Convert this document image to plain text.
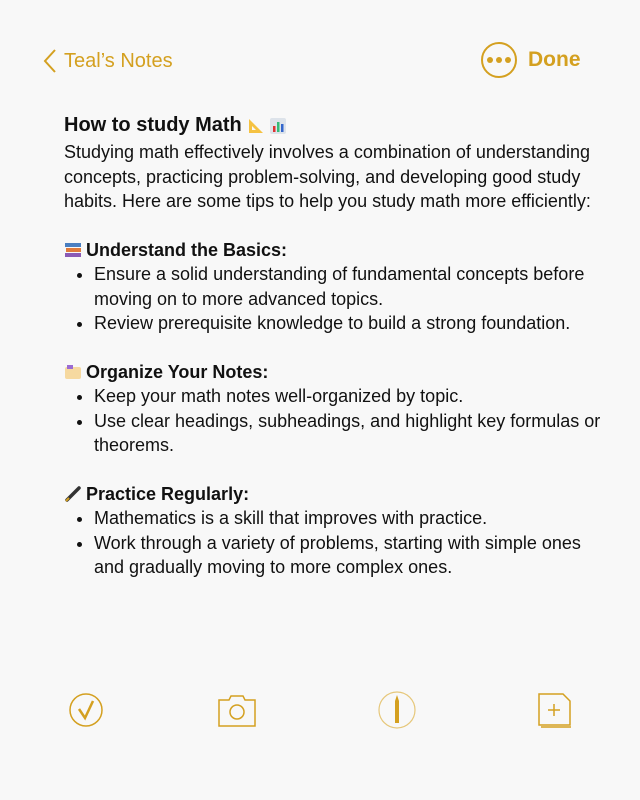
Teal’s Notes	Done
How to study Math

Studying math effectively involves a combination of understanding concepts, practicing problem-solving, and developing good study habits. Here are some tips to help you study math more efficiently:

Understand the Basics:
• Ensure a solid understanding of fundamental concepts before moving on to more advanced topics.
• Review prerequisite knowledge to build a strong foundation.
Organize Your Notes:
• Keep your math notes well-organized by topic.
• Use clear headings, subheadings, and highlight key formulas or theorems.
Practice Regularly:
• Mathematics is a skill that improves with practice.
• Work through a variety of problems, starting with simple ones and gradually moving to more complex ones.
